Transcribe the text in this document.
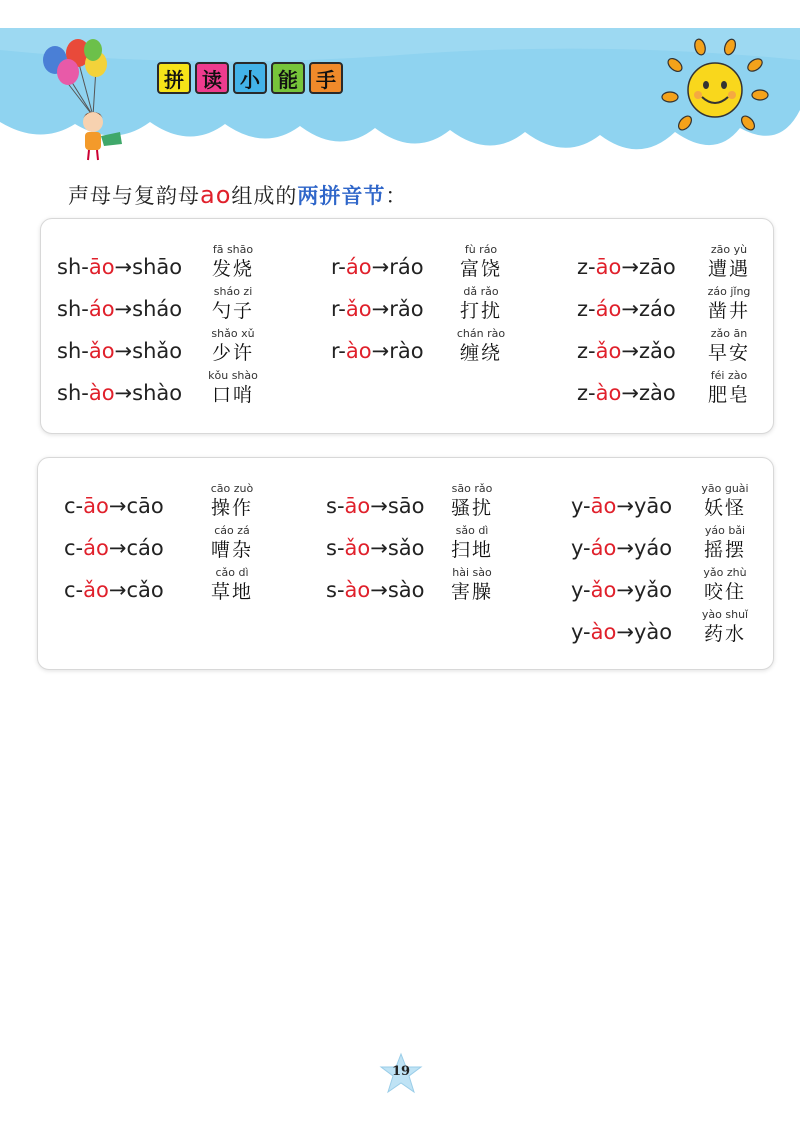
拼 读 小 能 手
声母与复韵母ao组成的两拼音节：
sh-āo→shāo
fā shāo
发烧
sh-áo→sháo
sháo zi
勺子
sh-ǎo→shǎo
shǎo xǔ
少许
sh-ào→shào
kǒu shào
口哨
r-áo→ráo
fù ráo
富饶
r-ǎo→rǎo
dǎ rǎo
打扰
r-ào→rào
chán rào
缠绕
z-āo→zāo
zāo yù
遭遇
z-áo→záo
záo jǐng
凿井
z-ǎo→zǎo
zǎo ān
早安
z-ào→zào
féi zào
肥皂
c-āo→cāo
cāo zuò
操作
c-áo→cáo
cáo zá
嘈杂
c-ǎo→cǎo
cǎo dì
草地
s-āo→sāo
sāo rǎo
骚扰
s-ǎo→sǎo
sǎo dì
扫地
s-ào→sào
hài sào
害臊
y-āo→yāo
yāo guài
妖怪
y-áo→yáo
yáo bǎi
摇摆
y-ǎo→yǎo
yǎo zhù
咬住
y-ào→yào
yào shuǐ
药水
19
